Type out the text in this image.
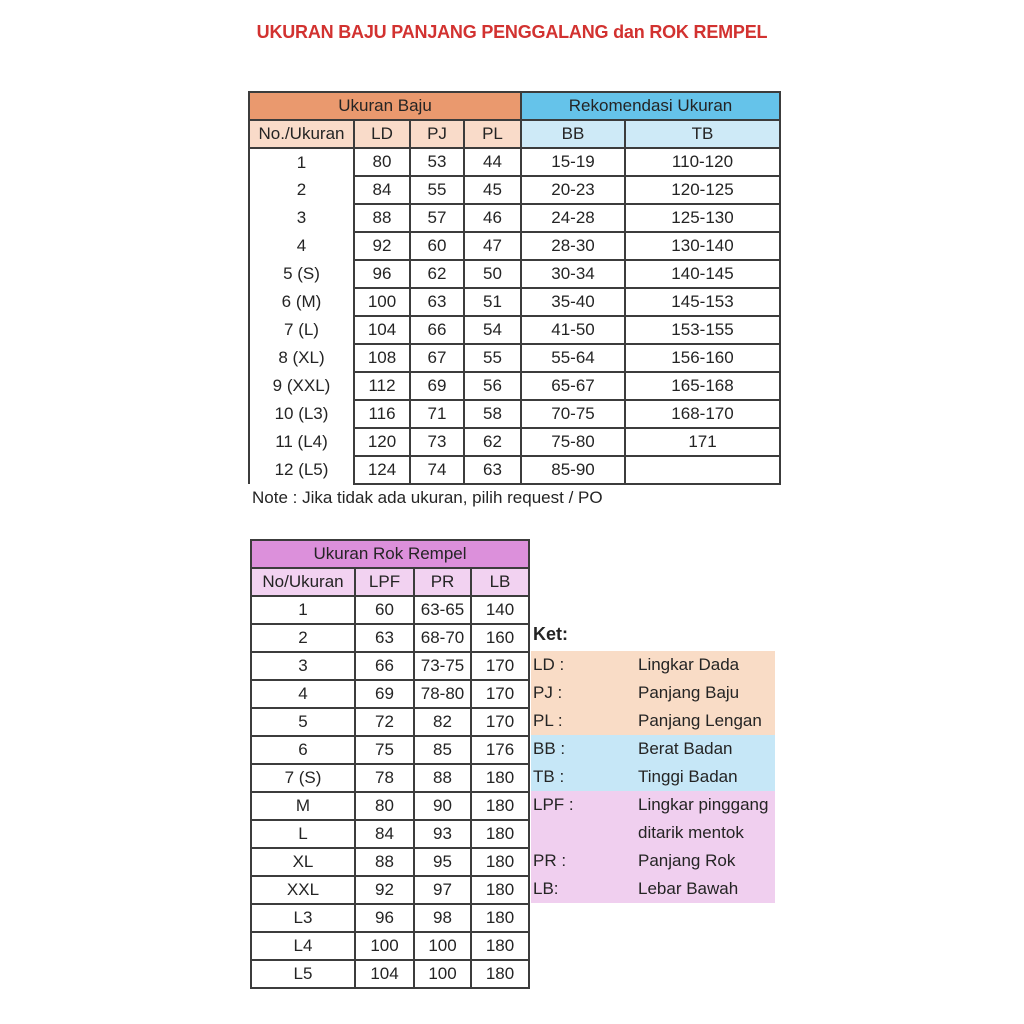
UKURAN BAJU PANJANG PENGGALANG dan ROK REMPEL
Ukuran Baju				Rekomendasi Ukuran	
No./Ukuran	LD	PJ	PL	BB	TB
1	80	53	44	15-19	110-120
2	84	55	45	20-23	120-125
3	88	57	46	24-28	125-130
4	92	60	47	28-30	130-140
5 (S)	96	62	50	30-34	140-145
6 (M)	100	63	51	35-40	145-153
7 (L)	104	66	54	41-50	153-155
8 (XL)	108	67	55	55-64	156-160
9 (XXL)	112	69	56	65-67	165-168
10 (L3)	116	71	58	70-75	168-170
11 (L4)	120	73	62	75-80	171
12 (L5)	124	74	63	85-90	
Note : Jika tidak ada ukuran, pilih request / PO
Ukuran Rok Rempel			
No/Ukuran	LPF	PR	LB
1	60	63-65	140
2	63	68-70	160
3	66	73-75	170
4	69	78-80	170
5	72	82	170
6	75	85	176
7 (S)	78	88	180
M	80	90	180
L	84	93	180
XL	88	95	180
XXL	92	97	180
L3	96	98	180
L4	100	100	180
L5	104	100	180
Ket:
LD :	Lingkar Dada
PJ :	Panjang Baju
PL :	Panjang Lengan
BB :	Berat Badan
TB :	Tinggi Badan
LPF :	Lingkar pinggang
ditarik mentok
PR :	Panjang Rok
LB:	Lebar Bawah
